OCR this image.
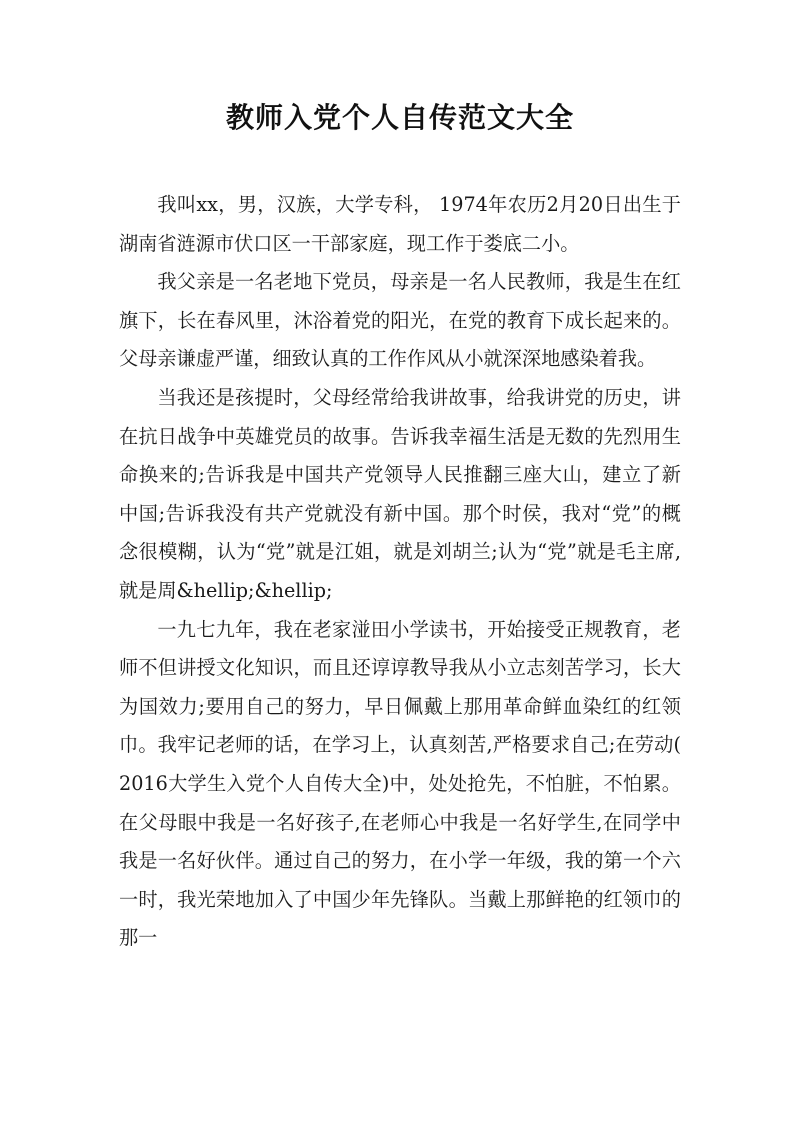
教师入党个人自传范文大全

我叫xx，男，汉族，大学专科， 1974年农历2月20日出生于湖南省涟源市伏口区一干部家庭，现工作于娄底二小。

我父亲是一名老地下党员，母亲是一名人民教师，我是生在红旗下，长在春风里，沐浴着党的阳光，在党的教育下成长起来的。父母亲谦虚严谨，细致认真的工作作风从小就深深地感染着我。

当我还是孩提时，父母经常给我讲故事，给我讲党的历史，讲在抗日战争中英雄党员的故事。告诉我幸福生活是无数的先烈用生命换来的;告诉我是中国共产党领导人民推翻三座大山，建立了新中国;告诉我没有共产党就没有新中国。那个时侯，我对“党”的概念很模糊，认为“党”就是江姐，就是刘胡兰;认为“党”就是毛主席,就是周&hellip;&hellip;

一九七九年，我在老家湴田小学读书，开始接受正规教育，老师不但讲授文化知识，而且还谆谆教导我从小立志刻苦学习，长大为国效力;要用自己的努力，早日佩戴上那用革命鲜血染红的红领巾。我牢记老师的话，在学习上，认真刻苦,严格要求自己;在劳动(2016大学生入党个人自传大全)中，处处抢先，不怕脏，不怕累。在父母眼中我是一名好孩子,在老师心中我是一名好学生,在同学中我是一名好伙伴。通过自己的努力，在小学一年级，我的第一个六一时，我光荣地加入了中国少年先锋队。当戴上那鲜艳的红领巾的那一
